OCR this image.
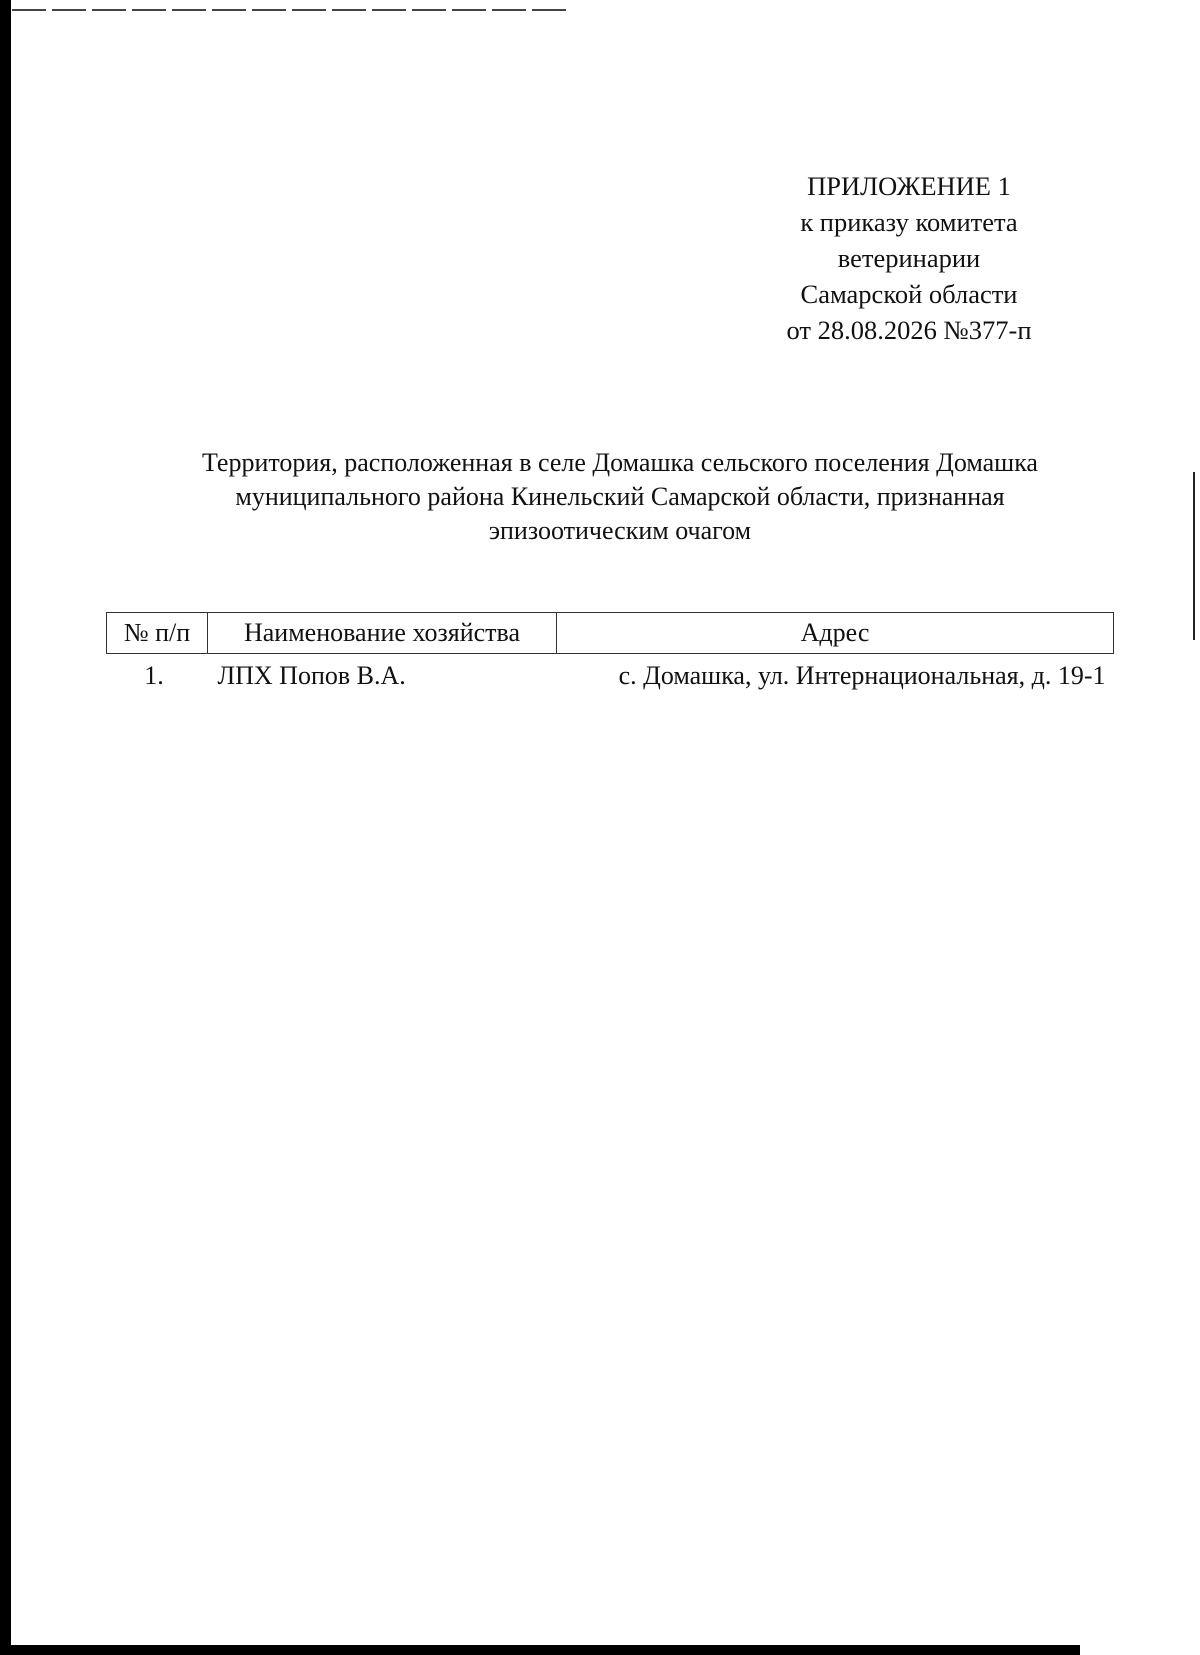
ПРИЛОЖЕНИЕ 1
к приказу комитета
ветеринарии
Самарской области
от 28.08.2026 №377-п
Территория, расположенная в селе Домашка сельского поселения Домашка
муниципального района Кинельский Самарской области, признанная
эпизоотическим очагом
№ п/п	Наименование хозяйства	Адрес
1.	ЛПХ Попов В.А.	с. Домашка, ул. Интернациональная, д. 19-1
